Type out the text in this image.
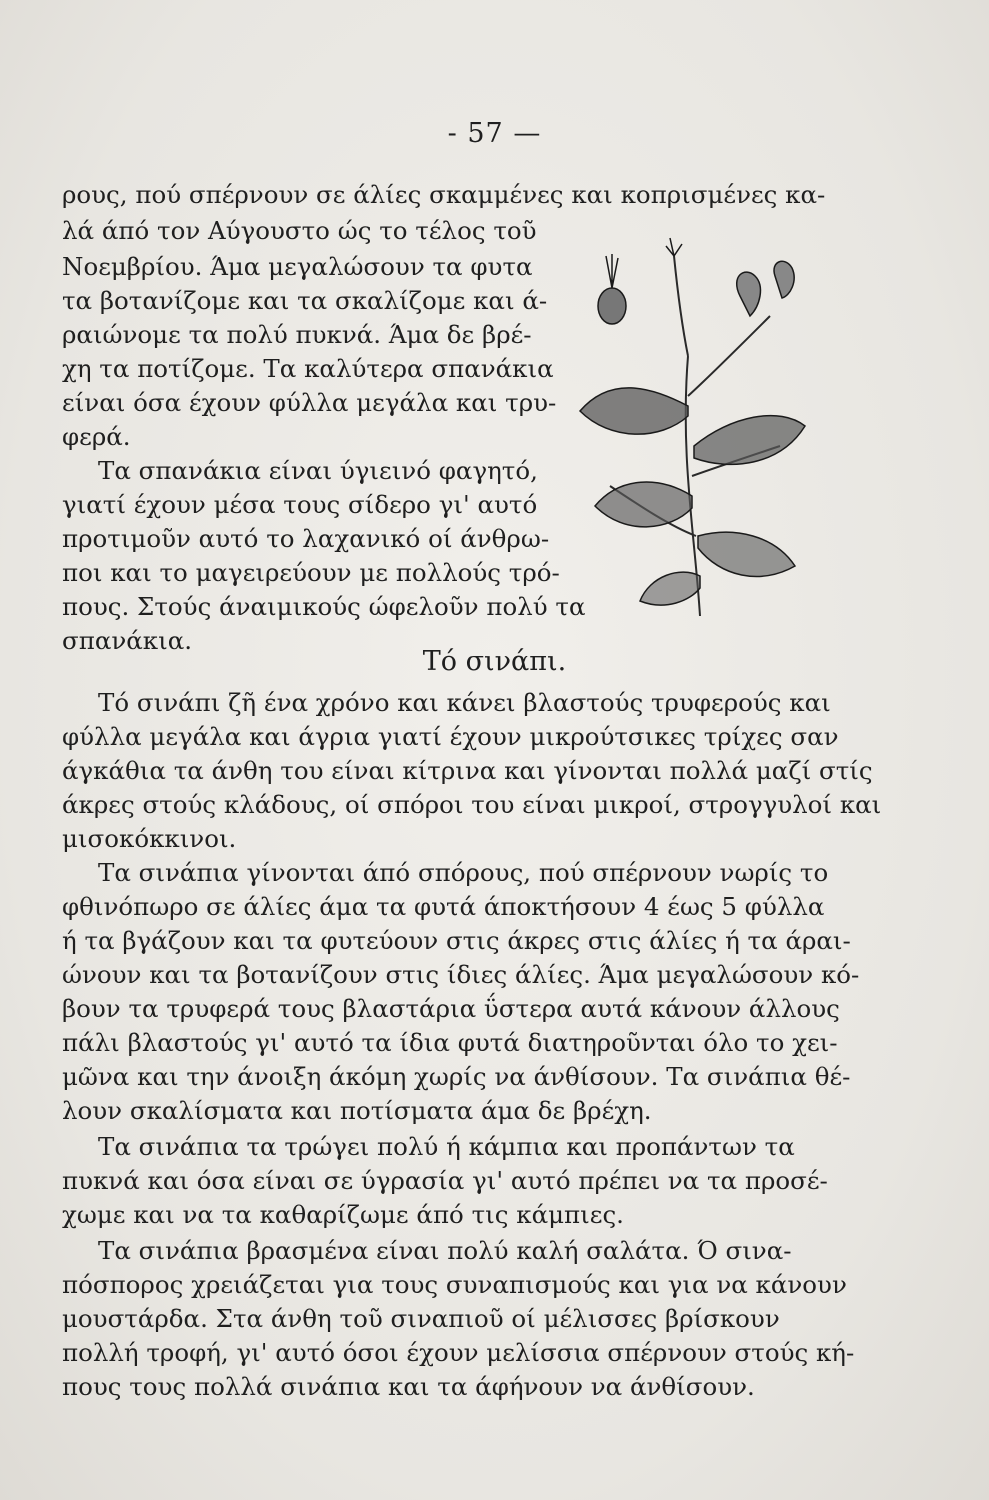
- 57 —

ρους, πού σπέρνουν σε άλίες σκαμμένες και κοπρισμένες κα-

λά άπό τον Αύγουστο ώς το τέλος τοῦ

Νοεμβρίου. Άμα μεγαλώσουν τα φυτα

τα βοτανίζομε και τα σκαλίζομε και ά-

ραιώνομε τα πολύ πυκνά. Άμα δε βρέ-

χη τα ποτίζομε. Τα καλύτερα σπανάκια

είναι όσα έχουν φύλλα μεγάλα και τρυ-

φερά.

Τα σπανάκια είναι ύγιεινό φαγητό,

γιατί έχουν μέσα τους σίδερο γι' αυτό

προτιμοῦν αυτό το λαχανικό οί άνθρω-

ποι και το μαγειρεύουν με πολλούς τρό-

πους. Στούς άναιμικούς ώφελοῦν πολύ τα

σπανάκια.

Τό σινάπι.

Τό σινάπι ζῆ ένα χρόνο και κάνει βλαστούς τρυφερούς και

φύλλα μεγάλα και άγρια γιατί έχουν μικρούτσικες τρίχες σαν

άγκάθια τα άνθη του είναι κίτρινα και γίνονται πολλά μαζί στίς

άκρες στούς κλάδους, οί σπόροι του είναι μικροί, στρογγυλοί και

μισοκόκκινοι.

Τα σινάπια γίνονται άπό σπόρους, πού σπέρνουν νωρίς το

φθινόπωρο σε άλίες άμα τα φυτά άποκτήσουν 4 έως 5 φύλλα

ή τα βγάζουν και τα φυτεύουν στις άκρες στις άλίες ή τα άραι-

ώνουν και τα βοτανίζουν στις ίδιες άλίες. Άμα μεγαλώσουν κό-

βουν τα τρυφερά τους βλαστάρια ΰστερα αυτά κάνουν άλλους

πάλι βλαστούς γι' αυτό τα ίδια φυτά διατηροῦνται όλο το χει-

μῶνα και την άνοιξη άκόμη χωρίς να άνθίσουν. Τα σινάπια θέ-

λουν σκαλίσματα και ποτίσματα άμα δε βρέχη.

Τα σινάπια τα τρώγει πολύ ή κάμπια και προπάντων τα

πυκνά και όσα είναι σε ύγρασία γι' αυτό πρέπει να τα προσέ-

χωμε και να τα καθαρίζωμε άπό τις κάμπιες.

Τα σινάπια βρασμένα είναι πολύ καλή σαλάτα. Ό σινα-

πόσπορος χρειάζεται για τους συναπισμούς και για να κάνουν

μουστάρδα. Στα άνθη τοῦ σιναπιοῦ οί μέλισσες βρίσκουν

πολλή τροφή, γι' αυτό όσοι έχουν μελίσσια σπέρνουν στούς κή-

πους τους πολλά σινάπια και τα άφήνουν να άνθίσουν.
